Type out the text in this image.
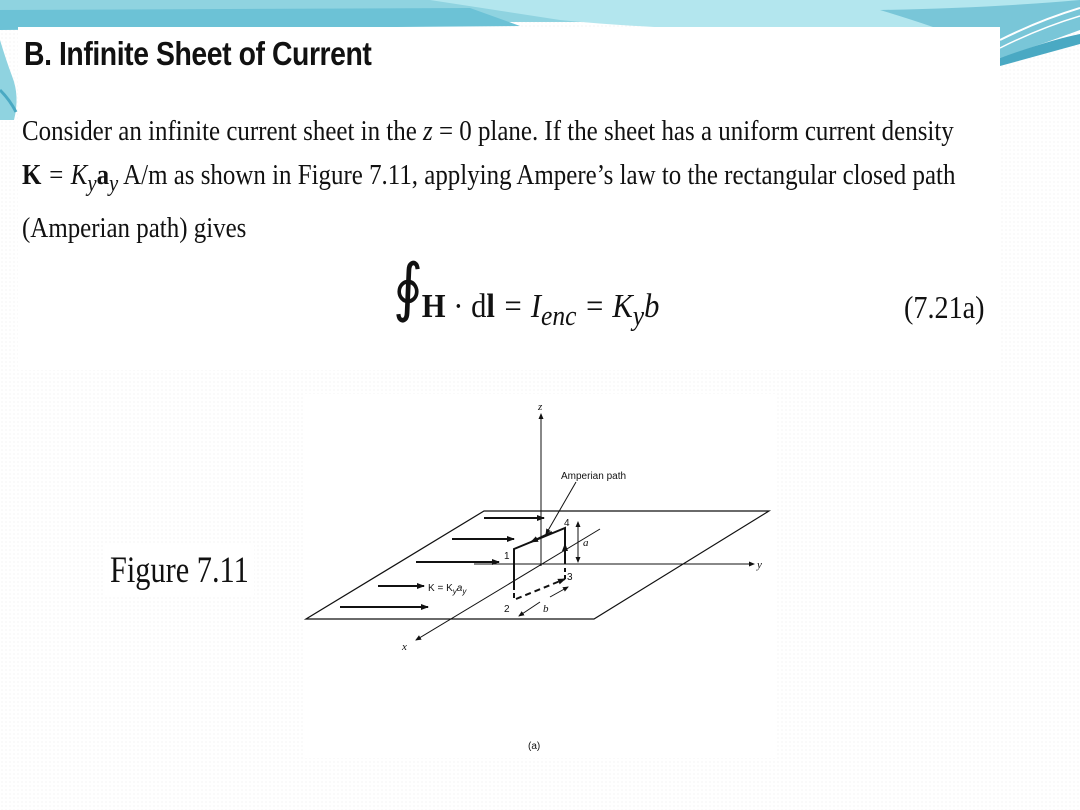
B. Infinite Sheet of Current

Consider an infinite current sheet in the z = 0 plane. If the sheet has a uniform current density $K = K_ya_y$ A/m as shown in Figure 7.11, applying Ampere’s law to the rectangular closed path (Amperian path) gives

∮
H · dl = $I_{enc} = K_yb$	(7.21a)
Figure 7.11
z
y
x
Amperian path
$K = K_ya_y$
a
b
1
2
3
4
(a)
